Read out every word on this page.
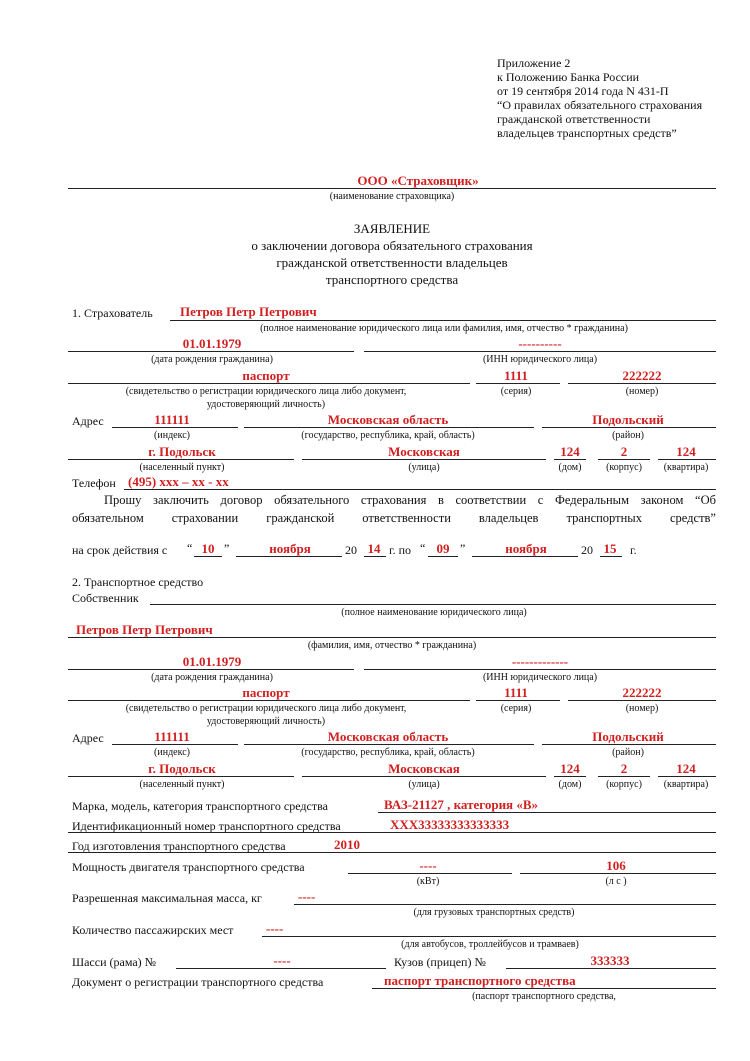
Приложение 2
к Положению Банка России
от 19 сентября 2014 года N 431-П
“О правилах обязательного страхования
гражданской ответственности
владельцев транспортных средств”
ООО «Страховщик»
(наименование страховщика)
ЗАЯВЛЕНИЕ
о заключении договора обязательного страхования
гражданской ответственности владельцев
транспортного средства
1. Страхователь Петров Петр Петрович
(полное наименование юридического лица или фамилия, имя, отчество * гражданина)
01.01.1979	----------
(дата рождения гражданина)	(ИНН юридического лица)
паспорт	1111	222222
(свидетельство о регистрации юридического лица либо документ,
удостоверяющий личность)
(серия)	(номер)
Адрес	111111	Московская область	Подольский
(индекс)	(государство, республика, край, область)	(район)
г. Подольск	Московская	124	2	124
(населенный пункт)	(улица)	(дом) (корпус) (квартира)
Телефон (495) ххх – хх - хх
Прошу заключить договор обязательного страхования в соответствии с Федеральным законом “Об
обязательном страховании гражданской ответственности владельцев транспортных средств”
на срок действия с “ 10 ”	ноября	20 14 г. по “ 09 ”	ноября	20 15 г.
2. Транспортное средство
Собственник
(полное наименование юридического лица)
Петров Петр Петрович
(фамилия, имя, отчество * гражданина)
01.01.1979	-------------
(дата рождения гражданина)	(ИНН юридического лица)
паспорт	1111	222222
(свидетельство о регистрации юридического лица либо документ,
удостоверяющий личность)
(серия)	(номер)
Адрес	111111	Московская область	Подольский
(индекс)	(государство, республика, край, область)	(район)
г. Подольск	Московская	124	2	124
(населенный пункт)	(улица)	(дом) (корпус) (квартира)
Марка, модель, категория транспортного средства	ВАЗ-21127 , категория «В»
Идентификационный номер транспортного средства	ХХХ33333333333333
Год изготовления транспортного средства	2010
Мощность двигателя транспортного средства	----	106
(кВт)	(л с )
Разрешенная максимальная масса, кг	----
(для грузовых транспортных средств)
Количество пассажирских мест	----
(для автобусов, троллейбусов и трамваев)
Шасси (рама) №	----	Кузов (прицеп) №	333333
Документ о регистрации транспортного средства	паспорт транспортного средства
(паспорт транспортного средства,
